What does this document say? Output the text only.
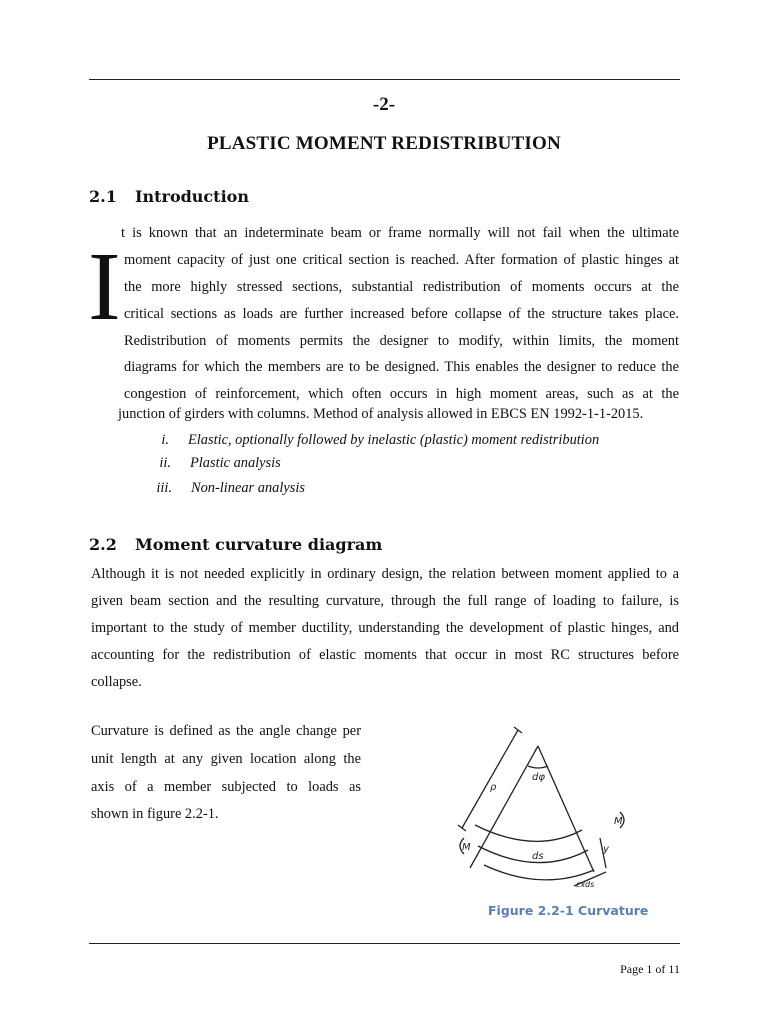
-2-
PLASTIC MOMENT REDISTRIBUTION
2.1 Introduction
I t is known that an indeterminate beam or frame normally will not fail when the ultimate
moment capacity of just one critical section is reached. After formation of plastic hinges at
the more highly stressed sections, substantial redistribution of moments occurs at the
critical sections as loads are further increased before collapse of the structure takes place.
Redistribution of moments permits the designer to modify, within limits, the moment
diagrams for which the members are to be designed. This enables the designer to reduce the
congestion of reinforcement, which often occurs in high moment areas, such as at the
junction of girders with columns. Method of analysis allowed in EBCS EN 1992-1-1-2015.
i. Elastic, optionally followed by inelastic (plastic) moment redistribution
ii. Plastic analysis
iii. Non-linear analysis
2.2 Moment curvature diagram
Although it is not needed explicitly in ordinary design, the relation between moment applied to a
given beam section and the resulting curvature, through the full range of loading to failure, is
important to the study of member ductility, understanding the development of plastic hinges, and
accounting for the redistribution of elastic moments that occur in most RC structures before
collapse.
Curvature is defined as the angle change per
unit length at any given location along the
axis of a member subjected to loads as
shown in figure 2.2-1.
ρ
dφ
ds
y
M
M
εxds
Figure 2.2-1 Curvature
Page 1 of 11
